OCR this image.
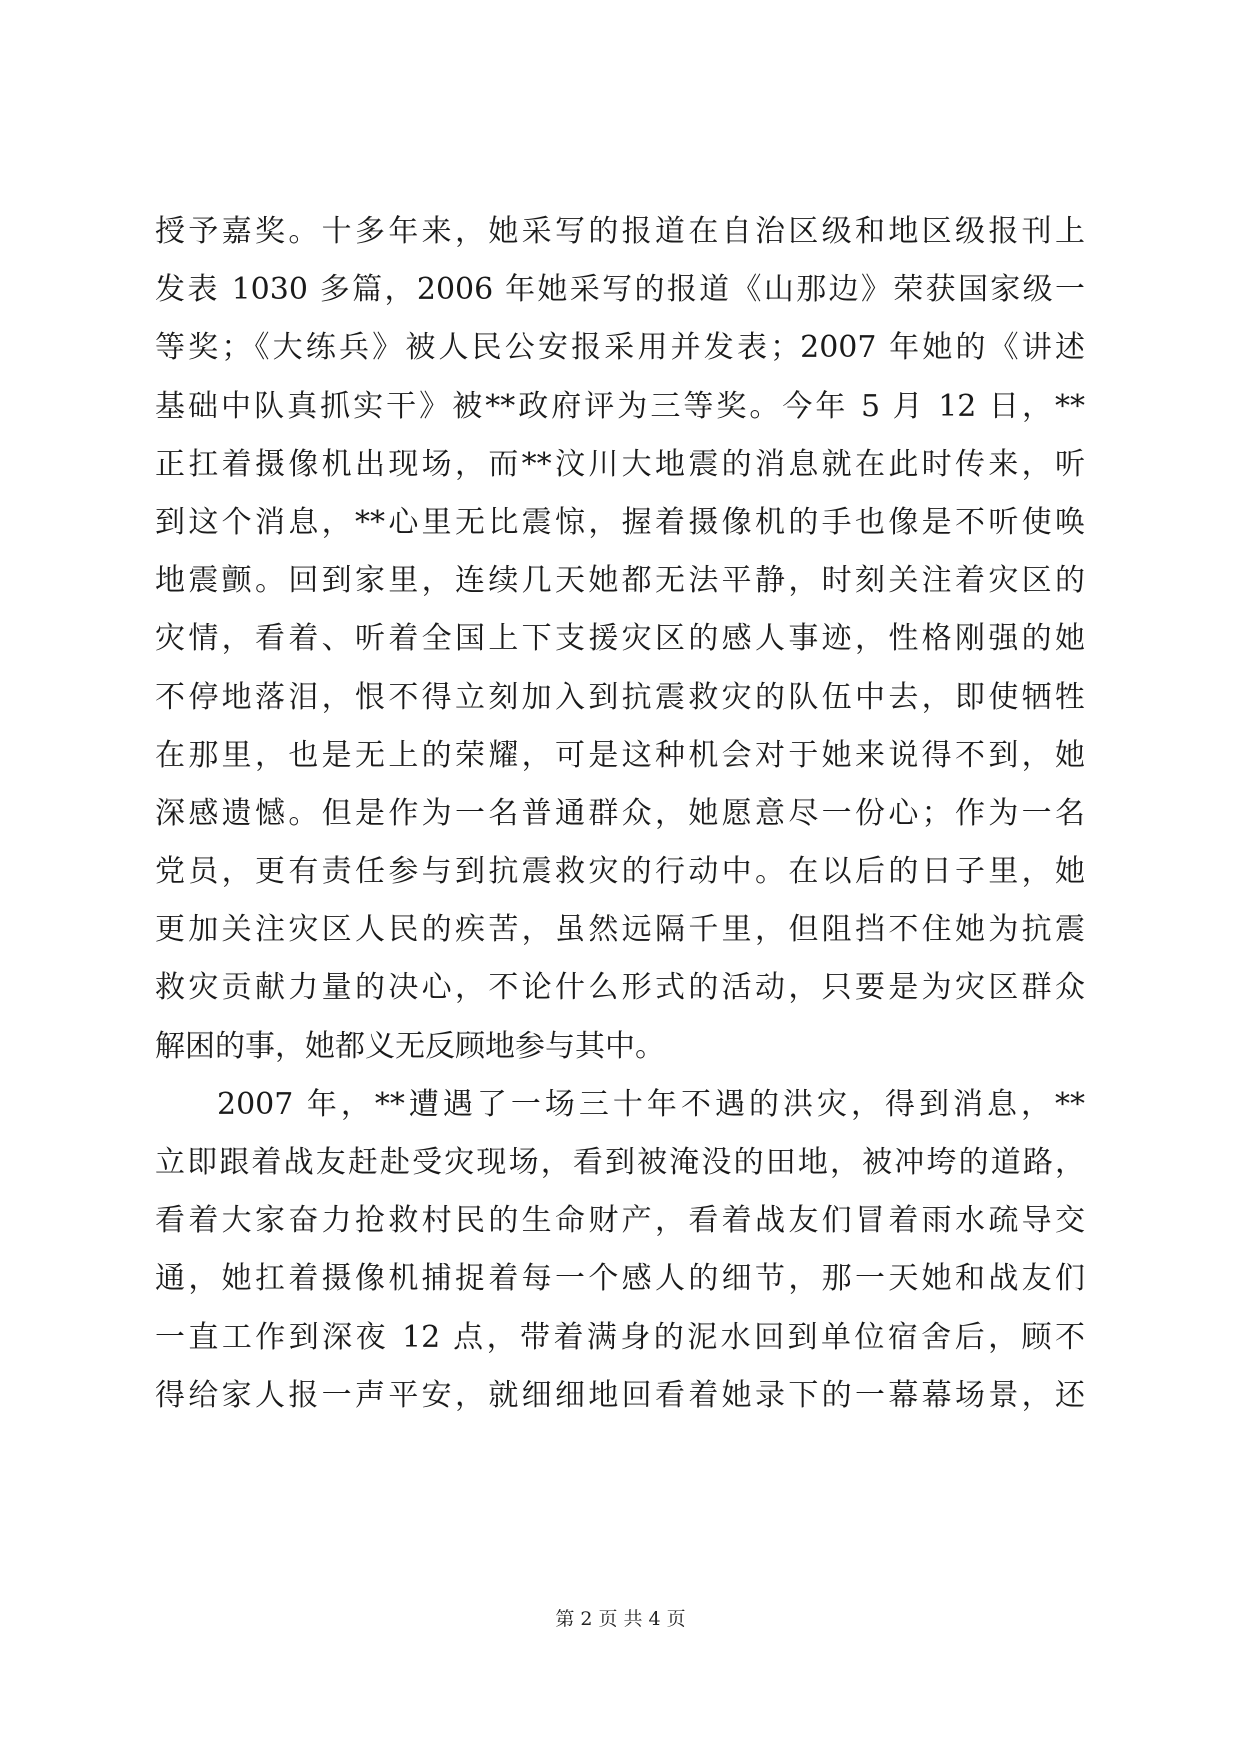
授予嘉奖。十多年来，她采写的报道在自治区级和地区级报刊上
发表 1030 多篇，2006 年她采写的报道《山那边》荣获国家级一
等奖；《大练兵》被人民公安报采用并发表；2007 年她的《讲述
基础中队真抓实干》被**政府评为三等奖。今年 5 月 12 日，**
正扛着摄像机出现场，而**汶川大地震的消息就在此时传来，听
到这个消息，**心里无比震惊，握着摄像机的手也像是不听使唤
地震颤。回到家里，连续几天她都无法平静，时刻关注着灾区的
灾情，看着、听着全国上下支援灾区的感人事迹，性格刚强的她
不停地落泪，恨不得立刻加入到抗震救灾的队伍中去，即使牺牲
在那里，也是无上的荣耀，可是这种机会对于她来说得不到，她
深感遗憾。但是作为一名普通群众，她愿意尽一份心；作为一名
党员，更有责任参与到抗震救灾的行动中。在以后的日子里，她
更加关注灾区人民的疾苦，虽然远隔千里，但阻挡不住她为抗震
救灾贡献力量的决心，不论什么形式的活动，只要是为灾区群众
解困的事，她都义无反顾地参与其中。
2007 年，**遭遇了一场三十年不遇的洪灾，得到消息，**
立即跟着战友赶赴受灾现场，看到被淹没的田地，被冲垮的道路，
看着大家奋力抢救村民的生命财产，看着战友们冒着雨水疏导交
通，她扛着摄像机捕捉着每一个感人的细节，那一天她和战友们
一直工作到深夜 12 点，带着满身的泥水回到单位宿舍后，顾不
得给家人报一声平安，就细细地回看着她录下的一幕幕场景，还
第 2 页 共 4 页
